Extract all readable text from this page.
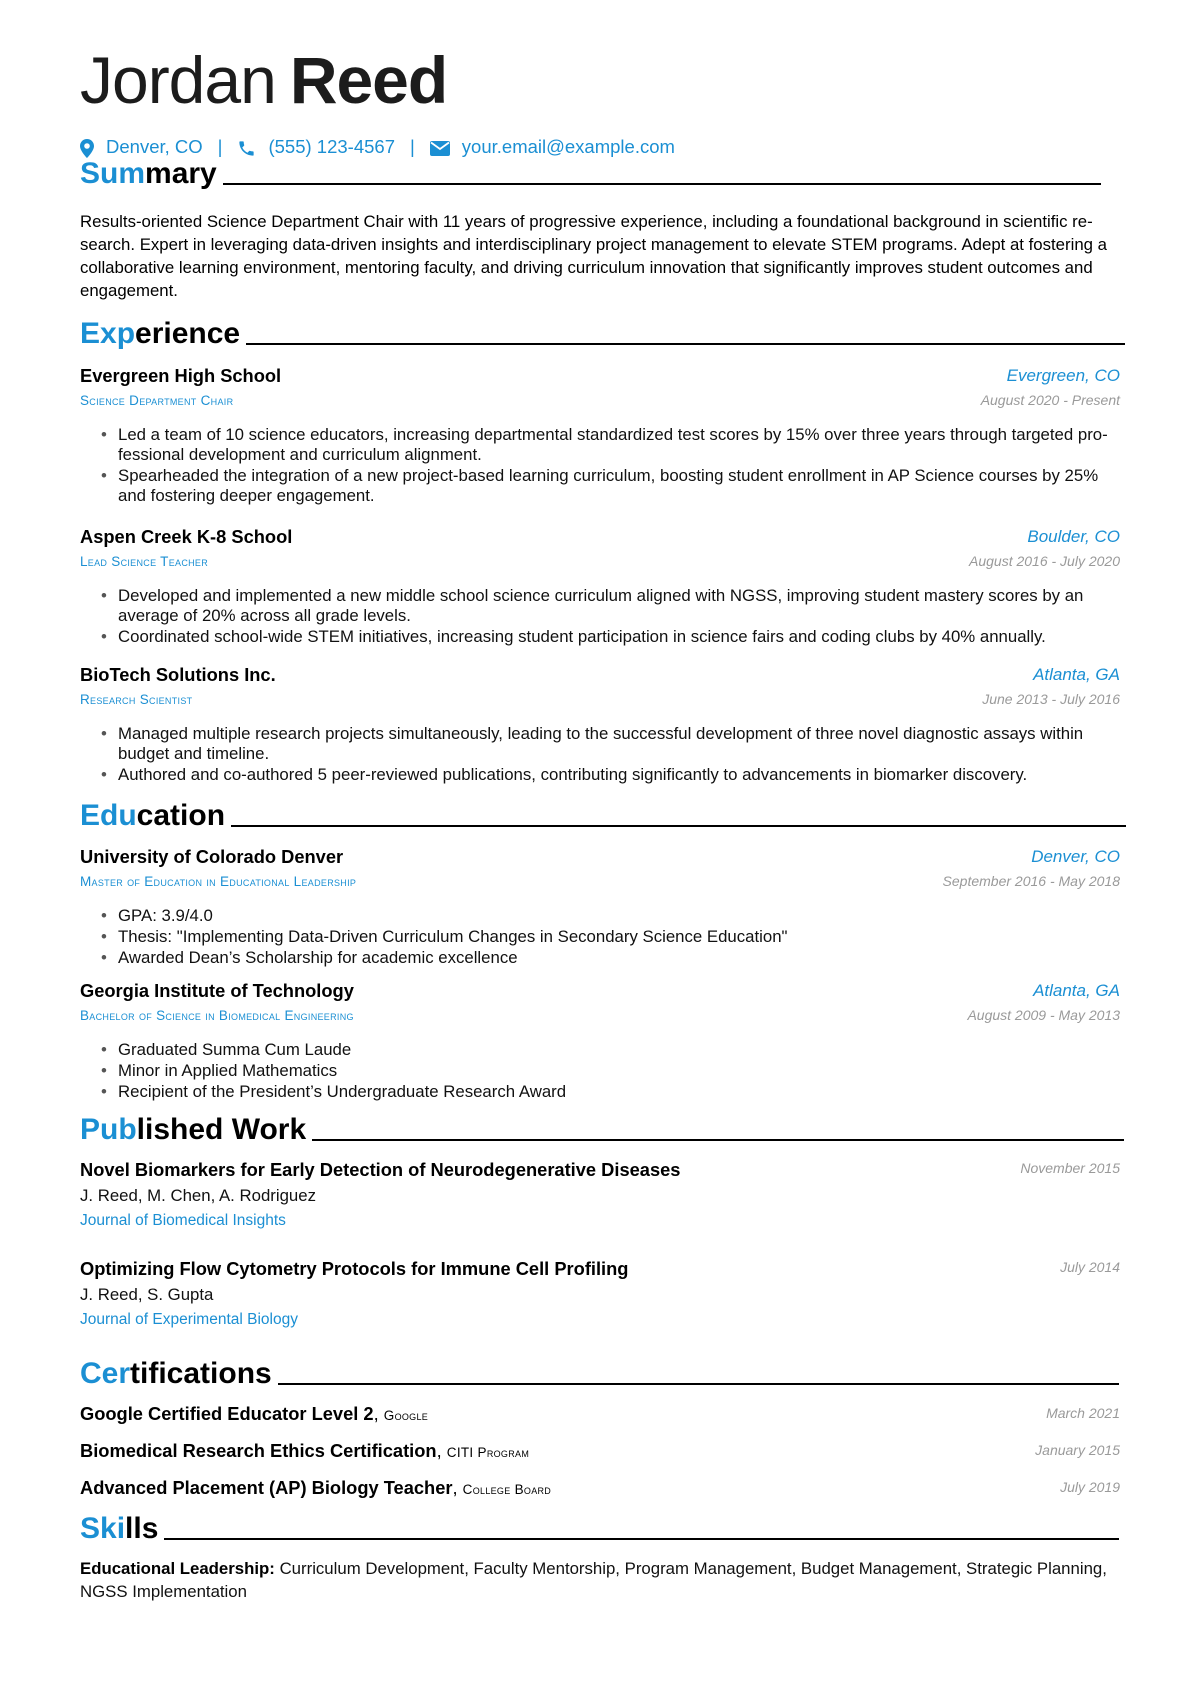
Jordan Reed
Denver, CO | (555) 123-4567 |	your.email@example.com
Sum mary
Results-oriented Science Department Chair with 11 years of progressive experience, including a foundational background in scientific re-search. Expert in leveraging data-driven insights and interdisciplinary project management to elevate STEM programs. Adept at fostering a collaborative learning environment, mentoring faculty, and driving curriculum innovation that significantly improves student outcomes and engagement.
Exp erience
Evergreen High School	Evergreen, CO
Science Department Chair	August 2020 - Present
• Led a team of 10 science educators, increasing departmental standardized test scores by 15% over three years through targeted pro-fessional development and curriculum alignment.
• Spearheaded the integration of a new project-based learning curriculum, boosting student enrollment in AP Science courses by 25% and fostering deeper engagement.
Aspen Creek K-8 School	Boulder, CO
Lead Science Teacher	August 2016 - July 2020
• Developed and implemented a new middle school science curriculum aligned with NGSS, improving student mastery scores by an average of 20% across all grade levels.
• Coordinated school-wide STEM initiatives, increasing student participation in science fairs and coding clubs by 40% annually.
BioTech Solutions Inc.	Atlanta, GA
Research Scientist	June 2013 - July 2016
• Managed multiple research projects simultaneously, leading to the successful development of three novel diagnostic assays within budget and timeline.
• Authored and co-authored 5 peer-reviewed publications, contributing significantly to advancements in biomarker discovery.
Edu cation
University of Colorado Denver	Denver, CO
Master of Education in Educational Leadership	September 2016 - May 2018
• GPA: 3.9/4.0
• Thesis: "Implementing Data-Driven Curriculum Changes in Secondary Science Education"
• Awarded Dean’s Scholarship for academic excellence
Georgia Institute of Technology	Atlanta, GA
Bachelor of Science in Biomedical Engineering	August 2009 - May 2013
• Graduated Summa Cum Laude
• Minor in Applied Mathematics
• Recipient of the President’s Undergraduate Research Award
Pub lished Work
Novel Biomarkers for Early Detection of Neurodegenerative Diseases	November 2015
J. Reed, M. Chen, A. Rodriguez
Journal of Biomedical Insights
Optimizing Flow Cytometry Protocols for Immune Cell Profiling	July 2014
J. Reed, S. Gupta
Journal of Experimental Biology
Cer tifications
Google Certified Educator Level 2, Google	March 2021
Biomedical Research Ethics Certification, CITI Program	January 2015
Advanced Placement (AP) Biology Teacher, College Board	July 2019
Ski lls
Educational Leadership: Curriculum Development, Faculty Mentorship, Program Management, Budget Management, Strategic Planning, NGSS Implementation
